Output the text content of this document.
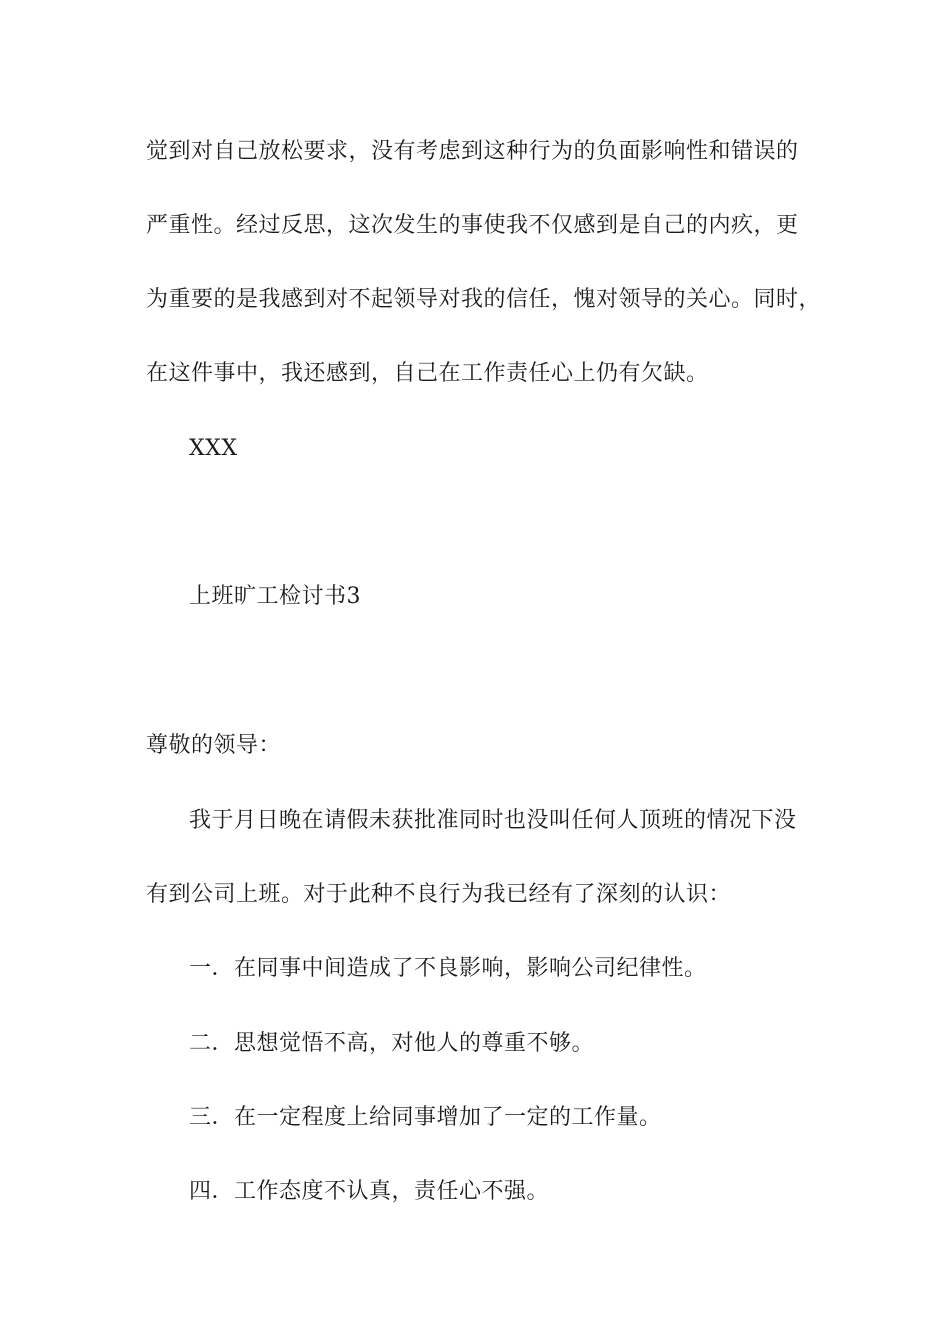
觉到对自己放松要求，没有考虑到这种行为的负面影响性和错误的
严重性。经过反思，这次发生的事使我不仅感到是自己的内疚，更
为重要的是我感到对不起领导对我的信任，愧对领导的关心。同时，
在这件事中，我还感到，自己在工作责任心上仍有欠缺。
XXX
上班旷工检讨书3
尊敬的领导：
我于月日晚在请假未获批准同时也没叫任何人顶班的情况下没
有到公司上班。对于此种不良行为我已经有了深刻的认识：
一．在同事中间造成了不良影响，影响公司纪律性。
二．思想觉悟不高，对他人的尊重不够。
三．在一定程度上给同事增加了一定的工作量。
四．工作态度不认真，责任心不强。
